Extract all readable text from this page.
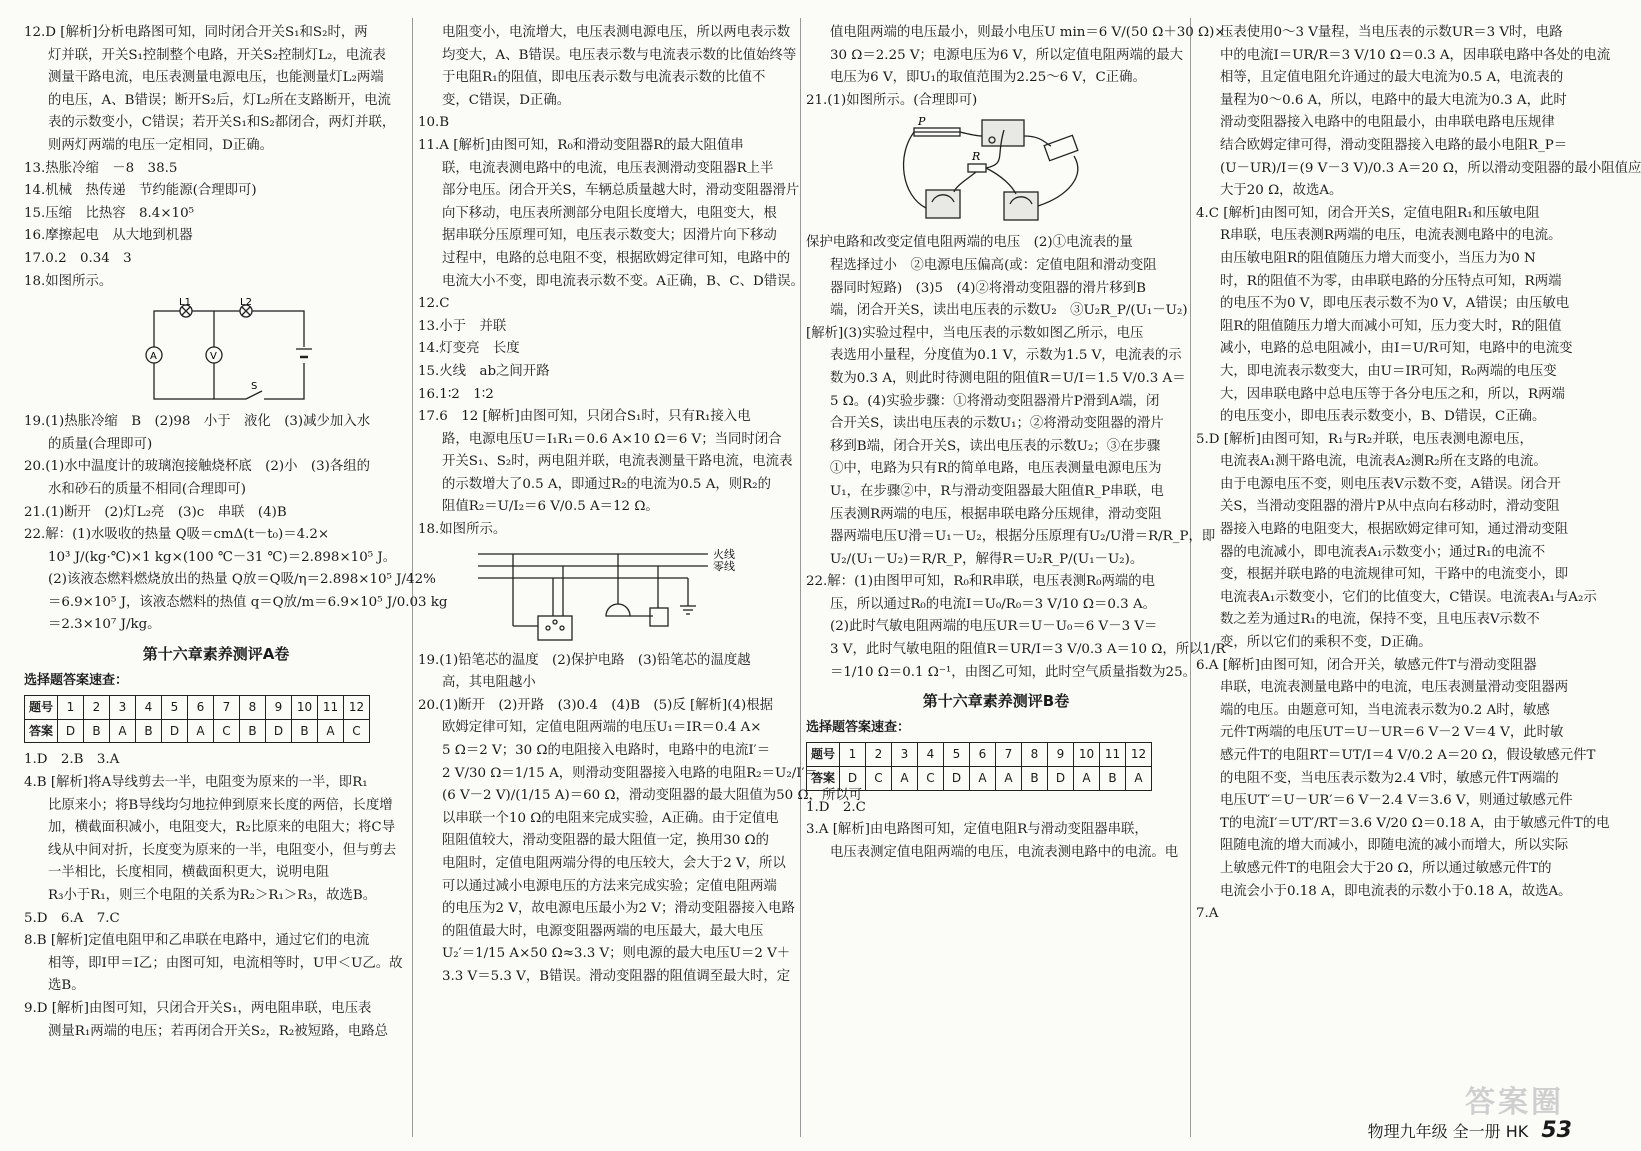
12.D [解析]分析电路图可知，同时闭合开关S₁和S₂时，两
灯并联，开关S₁控制整个电路，开关S₂控制灯L₂，电流表
测量干路电流，电压表测量电源电压，也能测量灯L₂两端
的电压，A、B错误；断开S₂后，灯L₂所在支路断开，电流
表的示数变小，C错误；若开关S₁和S₂都闭合，两灯并联，
则两灯两端的电压一定相同，D正确。
13.热胀冷缩　－8　38.5
14.机械　热传递　节约能源(合理即可)
15.压缩　比热容　8.4×10⁵
16.摩擦起电　从大地到机器
17.0.2　0.34　3
18.如图所示。
L1	L2
A	V
S
19.(1)热胀冷缩　B　(2)98　小于　液化　(3)减少加入水
的质量(合理即可)
20.(1)水中温度计的玻璃泡接触烧杯底　(2)小　(3)各组的
水和砂石的质量不相同(合理即可)
21.(1)断开　(2)灯L₂亮　(3)c　串联　(4)B
22.解：(1)水吸收的热量 Q吸＝cmΔ(t－t₀)＝4.2×
10³ J/(kg·℃)×1 kg×(100 ℃－31 ℃)＝2.898×10⁵ J。
(2)该液态燃料燃烧放出的热量 Q放＝Q吸/η＝2.898×10⁵ J/42%
＝6.9×10⁵ J，该液态燃料的热值 q＝Q放/m＝6.9×10⁵ J/0.03 kg
＝2.3×10⁷ J/kg。
第十六章素养测评A卷
选择题答案速查：
题号	1	2	3	4	5	6	7	8	9	10	11	12
答案	D	B	A	B	D	A	C	B	D	B	A	C
1.D　2.B　3.A
4.B [解析]将A导线剪去一半，电阻变为原来的一半，即R₁
比原来小；将B导线均匀地拉伸到原来长度的两倍，长度增
加，横截面积减小，电阻变大，R₂比原来的电阻大；将C导
线从中间对折，长度变为原来的一半，电阻变小，但与剪去
一半相比，长度相同，横截面积更大，说明电阻
R₃小于R₁，则三个电阻的关系为R₂＞R₁＞R₃，故选B。
5.D　6.A　7.C
8.B [解析]定值电阻甲和乙串联在电路中，通过它们的电流
相等，即I甲＝I乙；由图可知，电流相等时，U甲＜U乙。故
选B。
9.D [解析]由图可知，只闭合开关S₁，两电阻串联，电压表
测量R₁两端的电压；若再闭合开关S₂，R₂被短路，电路总
电阻变小，电流增大，电压表测电源电压，所以两电表示数
均变大，A、B错误。电压表示数与电流表示数的比值始终等
于电阻R₁的阻值，即电压表示数与电流表示数的比值不
变，C错误，D正确。
10.B
11.A [解析]由图可知，R₀和滑动变阻器R的最大阻值串
联，电流表测电路中的电流，电压表测滑动变阻器R上半
部分电压。闭合开关S，车辆总质量越大时，滑动变阻器滑片
向下移动，电压表所测部分电阻长度增大，电阻变大，根
据串联分压原理可知，电压表示数变大；因滑片向下移动
过程中，电路的总电阻不变，根据欧姆定律可知，电路中的
电流大小不变，即电流表示数不变。A正确，B、C、D错误。
12.C
13.小于　并联
14.灯变亮　长度
15.火线　ab之间开路
16.1∶2　1∶2
17.6　12 [解析]由图可知，只闭合S₁时，只有R₁接入电
路，电源电压U＝I₁R₁＝0.6 A×10 Ω＝6 V；当同时闭合
开关S₁、S₂时，两电阻并联，电流表测量干路电流，电流表
的示数增大了0.5 A，即通过R₂的电流为0.5 A，则R₂的
阻值R₂＝U/I₂＝6 V/0.5 A＝12 Ω。
18.如图所示。
火线
零线
19.(1)铅笔芯的温度　(2)保护电路　(3)铅笔芯的温度越
高，其电阻越小
20.(1)断开　(2)开路　(3)0.4　(4)B　(5)反 [解析](4)根据
欧姆定律可知，定值电阻两端的电压U₁＝IR＝0.4 A×
5 Ω＝2 V；30 Ω的电阻接入电路时，电路中的电流I′＝
2 V/30 Ω＝1/15 A，则滑动变阻器接入电路的电阻R₂＝U₂/I′＝
(6 V－2 V)/(1/15 A)＝60 Ω，滑动变阻器的最大阻值为50 Ω，所以可
以串联一个10 Ω的电阻来完成实验，A正确。由于定值电
阻阻值较大，滑动变阻器的最大阻值一定，换用30 Ω的
电阻时，定值电阻两端分得的电压较大，会大于2 V，所以
可以通过减小电源电压的方法来完成实验；定值电阻两端
的电压为2 V，故电源电压最小为2 V；滑动变阻器接入电路
的阻值最大时，电源变阻器两端的电压最大，最大电压
U₂′＝1/15 A×50 Ω≈3.3 V；则电源的最大电压U＝2 V＋
3.3 V＝5.3 V，B错误。滑动变阻器的阻值调至最大时，定
值电阻两端的电压最小，则最小电压U min＝6 V/(50 Ω＋30 Ω)×
30 Ω＝2.25 V；电源电压为6 V，所以定值电阻两端的最大
电压为6 V，即U₁的取值范围为2.25～6 V，C正确。
21.(1)如图所示。(合理即可)
P
R
保护电路和改变定值电阻两端的电压　(2)①电流表的量
程选择过小　②电源电压偏高(或：定值电阻和滑动变阻
器同时短路)　(3)5　(4)②将滑动变阻器的滑片移到B
端，闭合开关S，读出电压表的示数U₂　③U₂R_P/(U₁－U₂)
[解析](3)实验过程中，当电压表的示数如图乙所示，电压
表选用小量程，分度值为0.1 V，示数为1.5 V，电流表的示
数为0.3 A，则此时待测电阻的阻值R＝U/I＝1.5 V/0.3 A＝
5 Ω。(4)实验步骤：①将滑动变阻器滑片P滑到A端，闭
合开关S，读出电压表的示数U₁；②将滑动变阻器的滑片
移到B端，闭合开关S，读出电压表的示数U₂；③在步骤
①中，电路为只有R的简单电路，电压表测量电源电压为
U₁，在步骤②中，R与滑动变阻器最大阻值R_P串联，电
压表测R两端的电压，根据串联电路分压规律，滑动变阻
器两端电压U滑＝U₁－U₂，根据分压原理有U₂/U滑＝R/R_P，即
U₂/(U₁－U₂)＝R/R_P，解得R＝U₂R_P/(U₁－U₂)。
22.解：(1)由图甲可知，R₀和R串联，电压表测R₀两端的电
压，所以通过R₀的电流I＝U₀/R₀＝3 V/10 Ω＝0.3 A。
(2)此时气敏电阻两端的电压UR＝U－U₀＝6 V－3 V＝
3 V，此时气敏电阻的阻值R＝UR/I＝3 V/0.3 A＝10 Ω，所以1/R
＝1/10 Ω＝0.1 Ω⁻¹，由图乙可知，此时空气质量指数为25。
第十六章素养测评B卷
选择题答案速查：
题号	1	2	3	4	5	6	7	8	9	10	11	12
答案	D	C	A	C	D	A	A	B	D	A	B	A
1.D　2.C
3.A [解析]由电路图可知，定值电阻R与滑动变阻器串联，
电压表测定值电阻两端的电压，电流表测电路中的电流。电
压表使用0～3 V量程，当电压表的示数UR＝3 V时，电路
中的电流I＝UR/R＝3 V/10 Ω＝0.3 A，因串联电路中各处的电流
相等，且定值电阻允许通过的最大电流为0.5 A，电流表的
量程为0～0.6 A，所以，电路中的最大电流为0.3 A，此时
滑动变阻器接入电路中的电阻最小，由串联电路电压规律
结合欧姆定律可得，滑动变阻器接入电路的最小电阻R_P＝
(U－UR)/I＝(9 V－3 V)/0.3 A＝20 Ω，所以滑动变阻器的最小阻值应
大于20 Ω，故选A。
4.C [解析]由图可知，闭合开关S，定值电阻R₁和压敏电阻
R串联，电压表测R两端的电压，电流表测电路中的电流。
由压敏电阻R的阻值随压力增大而变小，当压力为0 N
时，R的阻值不为零，由串联电路的分压特点可知，R两端
的电压不为0 V，即电压表示数不为0 V，A错误；由压敏电
阻R的阻值随压力增大而减小可知，压力变大时，R的阻值
减小，电路的总电阻减小，由I＝U/R可知，电路中的电流变
大，即电流表示数变大，由U＝IR可知，R₀两端的电压变
大，因串联电路中总电压等于各分电压之和，所以，R两端
的电压变小，即电压表示数变小，B、D错误，C正确。
5.D [解析]由图可知，R₁与R₂并联，电压表测电源电压，
电流表A₁测干路电流，电流表A₂测R₂所在支路的电流。
由于电源电压不变，则电压表V示数不变，A错误。闭合开
关S，当滑动变阻器的滑片P从中点向右移动时，滑动变阻
器接入电路的电阻变大，根据欧姆定律可知，通过滑动变阻
器的电流减小，即电流表A₁示数变小；通过R₁的电流不
变，根据并联电路的电流规律可知，干路中的电流变小，即
电流表A₁示数变小，它们的比值变大，C错误。电流表A₁与A₂示
数之差为通过R₁的电流，保持不变，且电压表V示数不
变，所以它们的乘积不变，D正确。
6.A [解析]由图可知，闭合开关，敏感元件T与滑动变阻器
串联，电流表测量电路中的电流，电压表测量滑动变阻器两
端的电压。由题意可知，当电流表示数为0.2 A时，敏感
元件T两端的电压UT＝U－UR＝6 V－2 V＝4 V，此时敏
感元件T的电阻RT＝UT/I＝4 V/0.2 A＝20 Ω，假设敏感元件T
的电阻不变，当电压表示数为2.4 V时，敏感元件T两端的
电压UT′＝U－UR′＝6 V－2.4 V＝3.6 V，则通过敏感元件
T的电流I′＝UT′/RT＝3.6 V/20 Ω＝0.18 A，由于敏感元件T的电
阻随电流的增大而减小，即随电流的减小而增大，所以实际
上敏感元件T的电阻会大于20 Ω，所以通过敏感元件T的
电流会小于0.18 A，即电流表的示数小于0.18 A，故选A。
7.A
答案圈
物理九年级 全一册 HK 53
